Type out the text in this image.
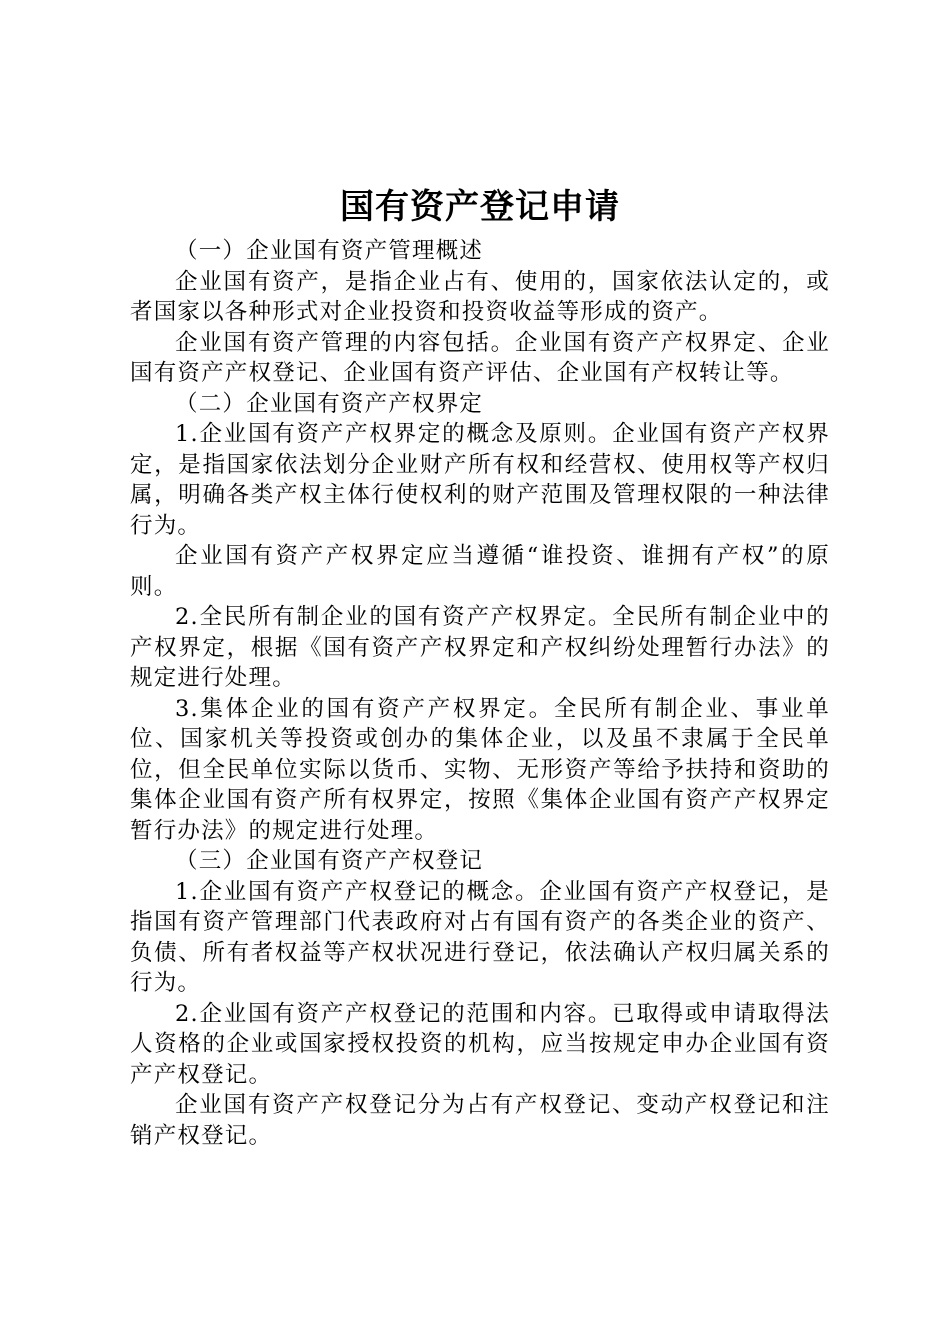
国有资产登记申请

（一）企业国有资产管理概述

企业国有资产，是指企业占有、使用的，国家依法认定的，或者国家以各种形式对企业投资和投资收益等形成的资产。

企业国有资产管理的内容包括。企业国有资产产权界定、企业国有资产产权登记、企业国有资产评估、企业国有产权转让等。

（二）企业国有资产产权界定

1.企业国有资产产权界定的概念及原则。企业国有资产产权界定，是指国家依法划分企业财产所有权和经营权、使用权等产权归属，明确各类产权主体行使权利的财产范围及管理权限的一种法律行为。

企业国有资产产权界定应当遵循“谁投资、谁拥有产权”的原则。

2.全民所有制企业的国有资产产权界定。全民所有制企业中的产权界定，根据《国有资产产权界定和产权纠纷处理暂行办法》的规定进行处理。

3.集体企业的国有资产产权界定。全民所有制企业、事业单位、国家机关等投资或创办的集体企业，以及虽不隶属于全民单位，但全民单位实际以货币、实物、无形资产等给予扶持和资助的集体企业国有资产所有权界定，按照《集体企业国有资产产权界定暂行办法》的规定进行处理。

（三）企业国有资产产权登记

1.企业国有资产产权登记的概念。企业国有资产产权登记，是指国有资产管理部门代表政府对占有国有资产的各类企业的资产、负债、所有者权益等产权状况进行登记，依法确认产权归属关系的行为。

2.企业国有资产产权登记的范围和内容。已取得或申请取得法人资格的企业或国家授权投资的机构，应当按规定申办企业国有资产产权登记。

企业国有资产产权登记分为占有产权登记、变动产权登记和注销产权登记。
